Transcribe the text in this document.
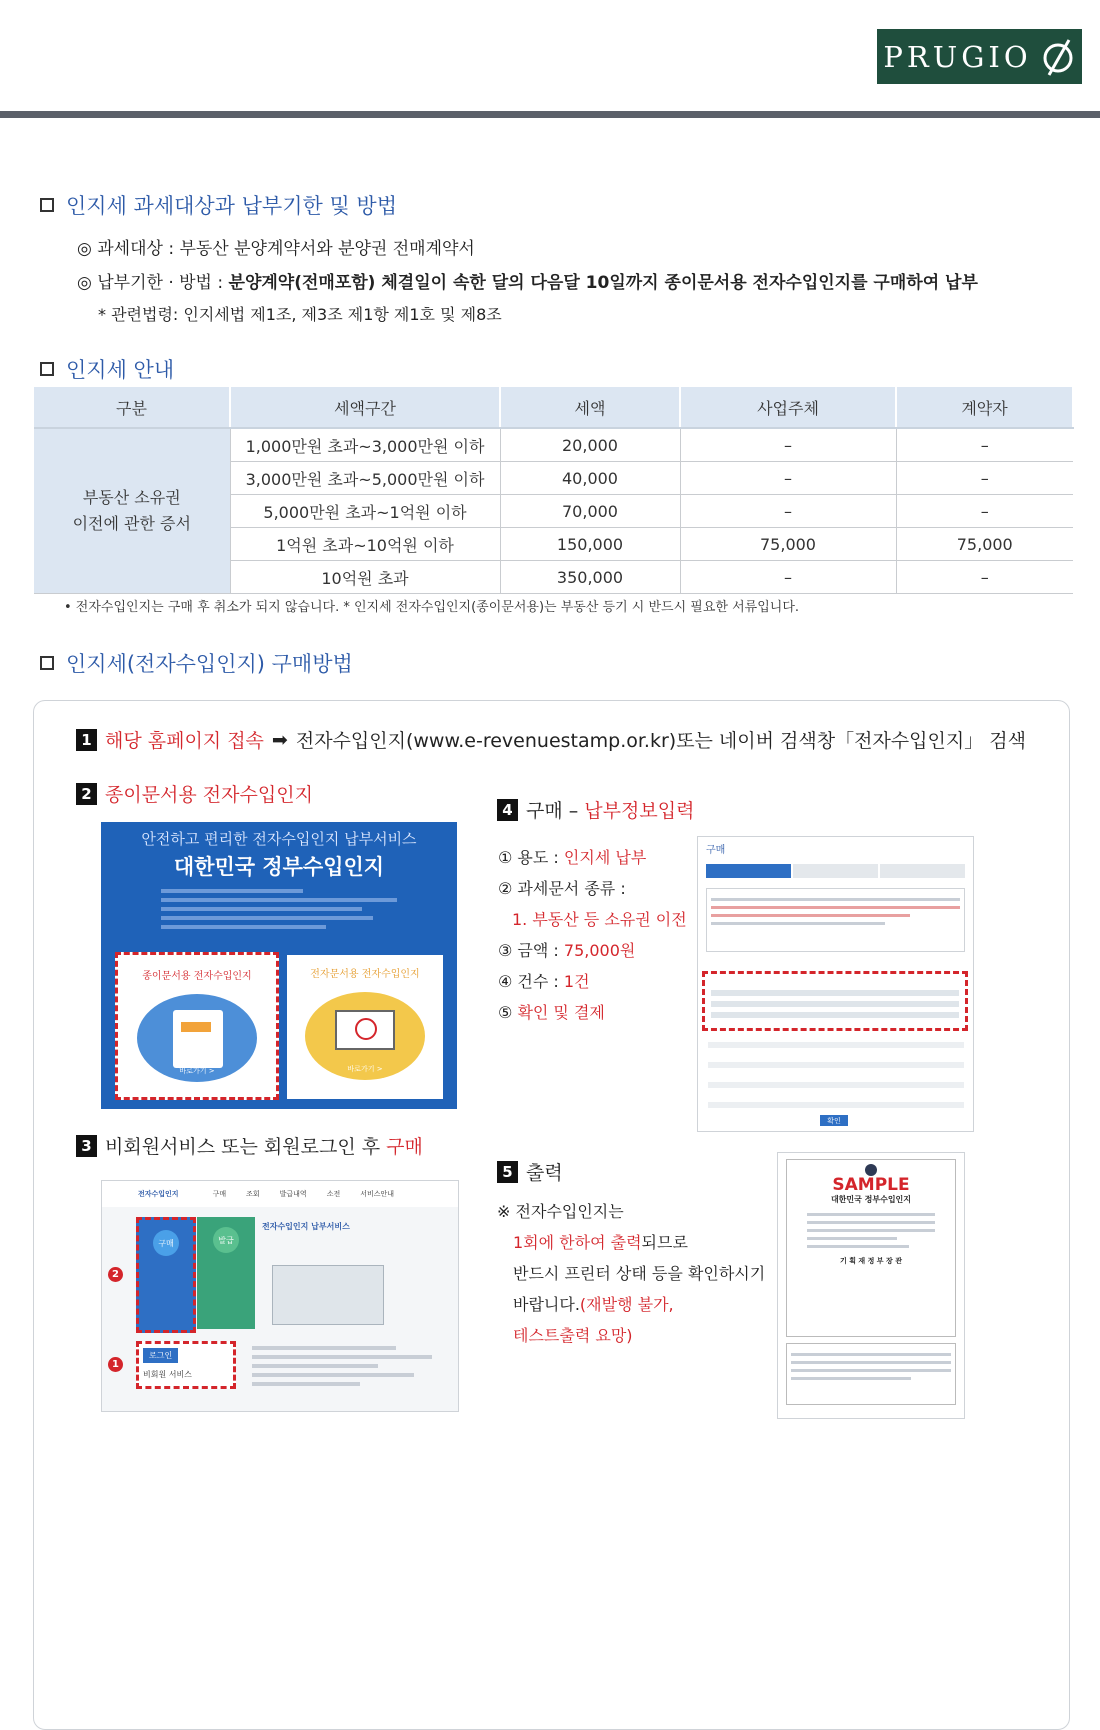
PRUGIO
인지세 과세대상과 납부기한 및 방법
◎ 과세대상 : 부동산 분양계약서와 분양권 전매계약서
◎ 납부기한 · 방법 : 분양계약(전매포함) 체결일이 속한 달의 다음달 10일까지 종이문서용 전자수입인지를 구매하여 납부
* 관련법령: 인지세법 제1조, 제3조 제1항 제1호 및 제8조
인지세 안내
구분	세액구간	세액	사업주체	계약자
부동산 소유권
이전에 관한 증서	1,000만원 초과~3,000만원 이하	20,000	–	–
	3,000만원 초과~5,000만원 이하	40,000	–	–
	5,000만원 초과~1억원 이하	70,000	–	–
	1억원 초과~10억원 이하	150,000	75,000	75,000
	10억원 초과	350,000	–	–
• 전자수입인지는 구매 후 취소가 되지 않습니다. * 인지세 전자수입인지(종이문서용)는 부동산 등기 시 반드시 필요한 서류입니다.
인지세(전자수입인지) 구매방법
1 해당 홈페이지 접속 ➡ 전자수입인지(www.e-revenuestamp.or.kr)또는 네이버 검색창「전자수입인지」 검색
2 종이문서용 전자수입인지
안전하고 편리한 전자수입인지 납부서비스
대한민국 정부수입인지
종이문서용 전자수입인지
바로가기 >
전자문서용 전자수입인지
바로가기 >
3 비회원서비스 또는 회원로그인 후 구매
전자수입인지	구매	조회	발급내역	소전	서비스안내
구매	발급
전자수입인지 납부서비스
로그인

비회원 서비스
2
1
4 구매 – 납부정보입력
① 용도 : 인지세 납부
② 과세문서 종류 :
1. 부동산 등 소유권 이전
③ 금액 : 75,000원
④ 건수 : 1건
⑤ 확인 및 결제
구매
확인
5 출력
※ 전자수입인지는
1회에 한하여 출력되므로
반드시 프린터 상태 등을 확인하시기
바랍니다.(재발행 불가,
테스트출력 요망)
SAMPLE
대한민국 정부수입인지
기 획 재 정 부 장 관
